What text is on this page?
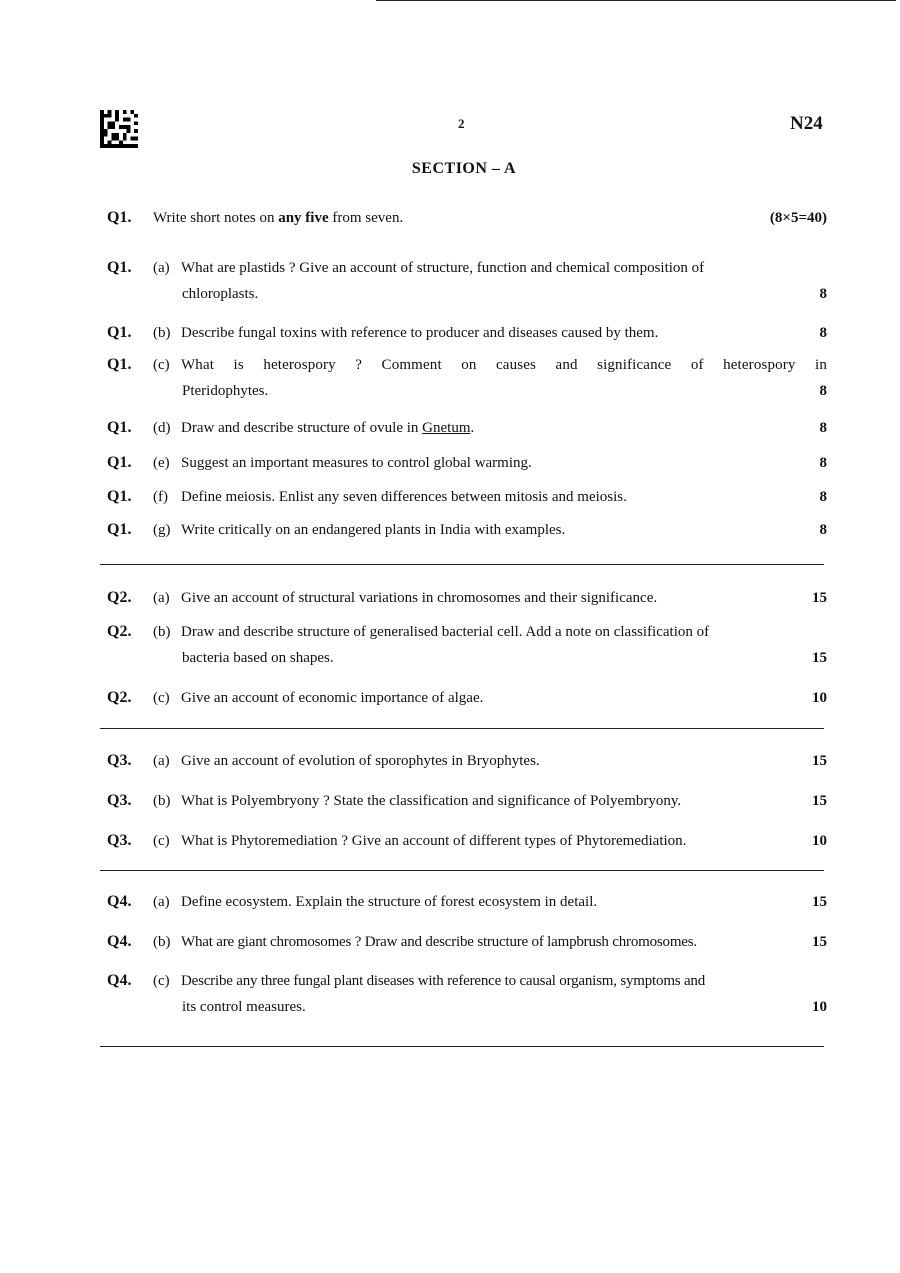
2	N24
SECTION – A
Q1. Write short notes on any five from seven.	(8×5=40)
Q1. (a) What are plastids ? Give an account of structure, function and chemical composition of
chloroplasts.	8
Q1. (b) Describe fungal toxins with reference to producer and diseases caused by them.	8
Q1. (c) What is heterospory ? Comment on causes and significance of heterospory in
Pteridophytes.	8
Q1. (d) Draw and describe structure of ovule in Gnetum.	8
Q1. (e) Suggest an important measures to control global warming.	8
Q1. (f) Define meiosis. Enlist any seven differences between mitosis and meiosis.	8
Q1. (g) Write critically on an endangered plants in India with examples.	8
Q2. (a) Give an account of structural variations in chromosomes and their significance.	15
Q2. (b) Draw and describe structure of generalised bacterial cell. Add a note on classification of
bacteria based on shapes.	15
Q2. (c) Give an account of economic importance of algae.	10
Q3. (a) Give an account of evolution of sporophytes in Bryophytes.	15
Q3. (b) What is Polyembryony ? State the classification and significance of Polyembryony.	15
Q3. (c) What is Phytoremediation ? Give an account of different types of Phytoremediation.	10
Q4. (a) Define ecosystem. Explain the structure of forest ecosystem in detail.	15
Q4. (b) What are giant chromosomes ? Draw and describe structure of lampbrush chromosomes.	15
Q4. (c) Describe any three fungal plant diseases with reference to causal organism, symptoms and
its control measures.	10
